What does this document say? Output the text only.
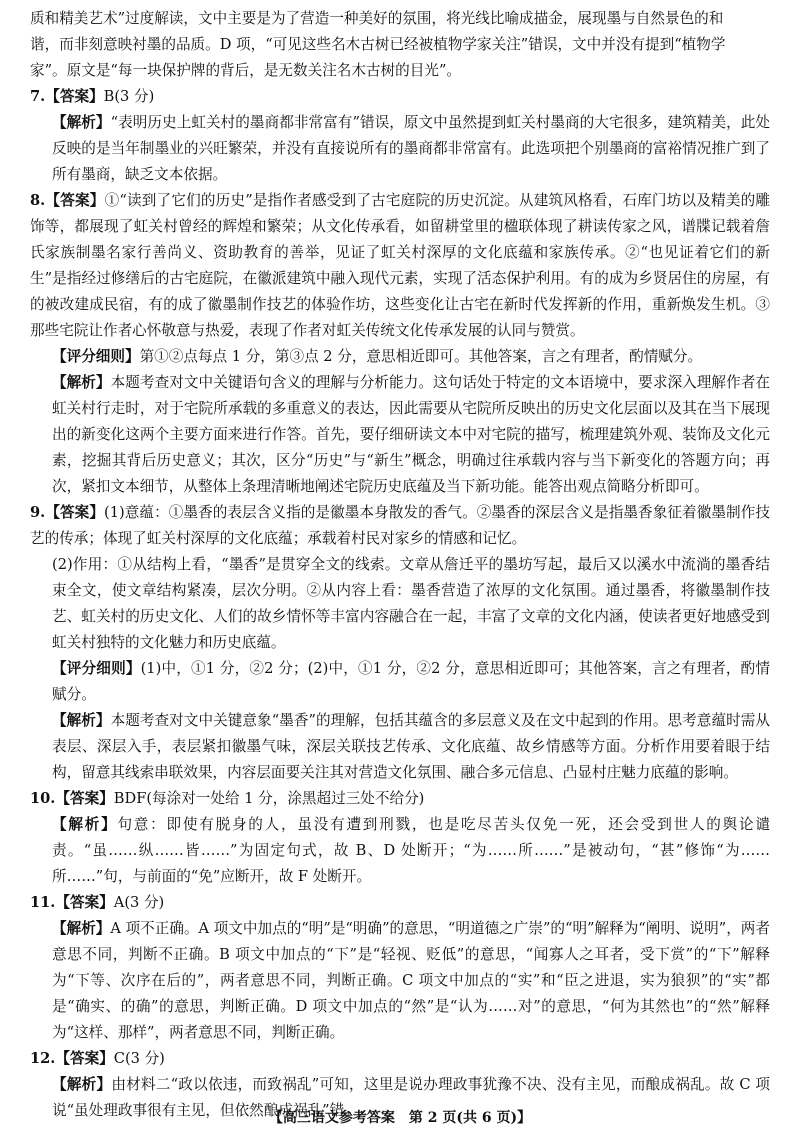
质和精美艺术”过度解读，文中主要是为了营造一种美好的氛围，将光线比喻成描金，展现墨与自然景色的和

谐，而非刻意映衬墨的品质。D 项，“可见这些名木古树已经被植物学家关注”错误，文中并没有提到“植物学

家”。原文是“每一块保护牌的背后，是无数关注名木古树的目光”。

7.【答案】B(3 分)

【解析】“表明历史上虹关村的墨商都非常富有”错误，原文中虽然提到虹关村墨商的大宅很多，建筑精美，此处反映的是当年制墨业的兴旺繁荣，并没有直接说所有的墨商都非常富有。此选项把个别墨商的富裕情况推广到了所有墨商，缺乏文本依据。

8.【答案】①“读到了它们的历史”是指作者感受到了古宅庭院的历史沉淀。从建筑风格看，石库门坊以及精美的雕饰等，都展现了虹关村曾经的辉煌和繁荣；从文化传承看，如留耕堂里的楹联体现了耕读传家之风，谱牒记载着詹氏家族制墨名家行善尚义、资助教育的善举，见证了虹关村深厚的文化底蕴和家族传承。②“也见证着它们的新生”是指经过修缮后的古宅庭院，在徽派建筑中融入现代元素，实现了活态保护利用。有的成为乡贤居住的房屋，有的被改建成民宿，有的成了徽墨制作技艺的体验作坊，这些变化让古宅在新时代发挥新的作用，重新焕发生机。③那些宅院让作者心怀敬意与热爱，表现了作者对虹关传统文化传承发展的认同与赞赏。

【评分细则】第①②点每点 1 分，第③点 2 分，意思相近即可。其他答案，言之有理者，酌情赋分。

【解析】本题考查对文中关键语句含义的理解与分析能力。这句话处于特定的文本语境中，要求深入理解作者在虹关村行走时，对于宅院所承载的多重意义的表达，因此需要从宅院所反映出的历史文化层面以及其在当下展现出的新变化这两个主要方面来进行作答。首先，要仔细研读文本中对宅院的描写，梳理建筑外观、装饰及文化元素，挖掘其背后历史意义；其次，区分“历史”与“新生”概念，明确过往承载内容与当下新变化的答题方向；再次，紧扣文本细节，从整体上条理清晰地阐述宅院历史底蕴及当下新功能。能答出观点简略分析即可。

9.【答案】(1)意蕴：①墨香的表层含义指的是徽墨本身散发的香气。②墨香的深层含义是指墨香象征着徽墨制作技艺的传承；体现了虹关村深厚的文化底蕴；承载着村民对家乡的情感和记忆。

(2)作用：①从结构上看，“墨香”是贯穿全文的线索。文章从詹迁平的墨坊写起，最后又以溪水中流淌的墨香结束全文，使文章结构紧凑，层次分明。②从内容上看：墨香营造了浓厚的文化氛围。通过墨香，将徽墨制作技艺、虹关村的历史文化、人们的故乡情怀等丰富内容融合在一起，丰富了文章的文化内涵，使读者更好地感受到虹关村独特的文化魅力和历史底蕴。

【评分细则】(1)中，①1 分，②2 分；(2)中，①1 分，②2 分，意思相近即可；其他答案，言之有理者，酌情赋分。

【解析】本题考查对文中关键意象“墨香”的理解，包括其蕴含的多层意义及在文中起到的作用。思考意蕴时需从表层、深层入手，表层紧扣徽墨气味，深层关联技艺传承、文化底蕴、故乡情感等方面。分析作用要着眼于结构，留意其线索串联效果，内容层面要关注其对营造文化氛围、融合多元信息、凸显村庄魅力底蕴的影响。

10.【答案】BDF(每涂对一处给 1 分，涂黑超过三处不给分)

【解析】句意：即使有脱身的人，虽没有遭到刑戮，也是吃尽苦头仅免一死，还会受到世人的舆论谴责。“虽……纵……皆……”为固定句式，故 B、D 处断开；“为……所……”是被动句，“甚”修饰“为……所……”句，与前面的“免”应断开，故 F 处断开。

11.【答案】A(3 分)

【解析】A 项不正确。A 项文中加点的“明”是“明确”的意思，“明道德之广崇”的“明”解释为“阐明、说明”，两者意思不同，判断不正确。B 项文中加点的“下”是“轻视、贬低”的意思，“闻寡人之耳者，受下赏”的“下”解释为“下等、次序在后的”，两者意思不同，判断正确。C 项文中加点的“实”和“臣之进退，实为狼狈”的“实”都是“确实、的确”的意思，判断正确。D 项文中加点的“然”是“认为……对”的意思，“何为其然也”的“然”解释为“这样、那样”，两者意思不同，判断正确。

12.【答案】C(3 分)

【解析】由材料二“政以依违，而致祸乱”可知，这里是说办理政事犹豫不决、没有主见，而酿成祸乱。故 C 项说“虽处理政事很有主见，但依然酿成祸乱”错。

【高三语文参考答案　第 2 页(共 6 页)】
